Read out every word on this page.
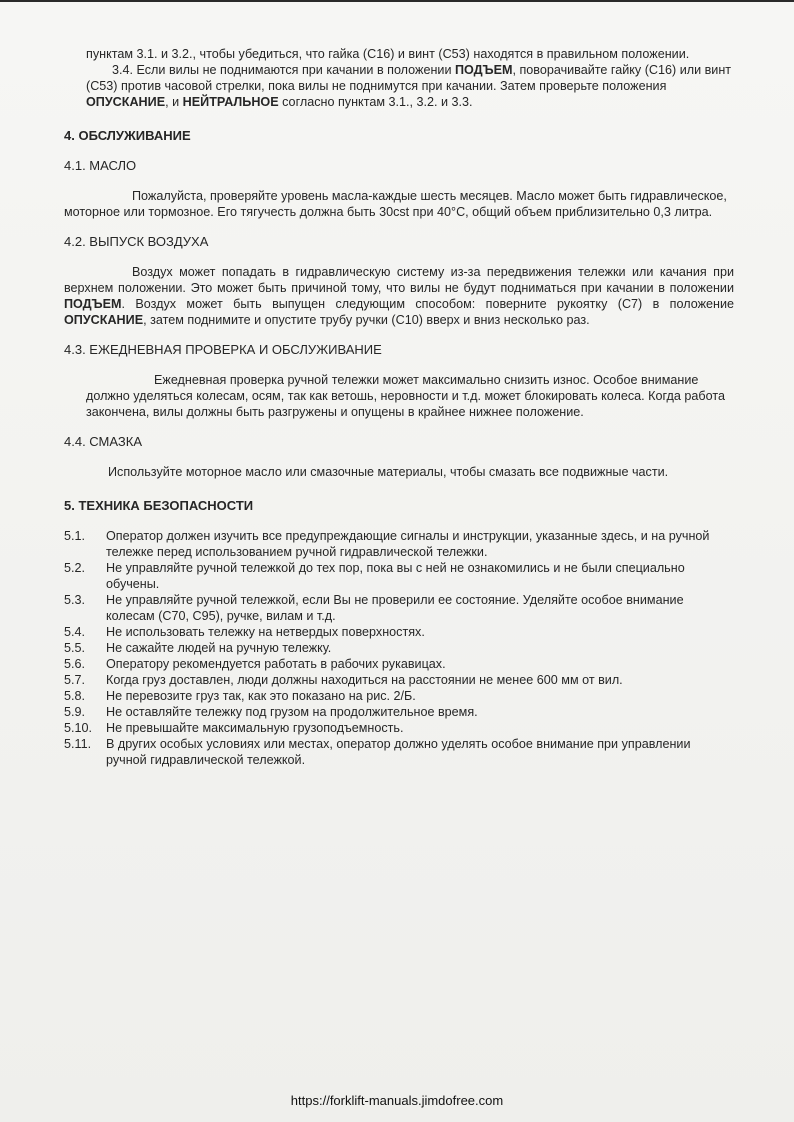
пунктам 3.1. и 3.2., чтобы убедиться, что гайка (С16) и винт (С53) находятся в правильном положении.

3.4. Если вилы не поднимаются при качании в положении ПОДЪЕМ, поворачивайте гайку (С16) или винт (С53) против часовой стрелки, пока вилы не поднимутся при качании. Затем проверьте положения ОПУСКАНИЕ, и НЕЙТРАЛЬНОЕ согласно пунктам 3.1., 3.2. и 3.3.

4. ОБСЛУЖИВАНИЕ
4.1. МАСЛО

Пожалуйста, проверяйте уровень масла-каждые шесть месяцев. Масло может быть гидравлическое, моторное или тормозное. Его тягучесть должна быть 30cst при 40°С, общий объем приблизительно 0,3 литра.

4.2. ВЫПУСК ВОЗДУХА

Воздух может попадать в гидравлическую систему из-за передвижения тележки или качания при верхнем положении. Это может быть причиной тому, что вилы не будут подниматься при качании в положении ПОДЪЕМ. Воздух может быть выпущен следующим способом: поверните рукоятку (С7) в положение ОПУСКАНИЕ, затем поднимите и опустите трубу ручки (С10) вверх и вниз несколько раз.

4.3. ЕЖЕДНЕВНАЯ ПРОВЕРКА И ОБСЛУЖИВАНИЕ

Ежедневная проверка ручной тележки может максимально снизить износ. Особое внимание должно уделяться колесам, осям, так как ветошь, неровности и т.д. может блокировать колеса. Когда работа закончена, вилы должны быть разгружены и опущены в крайнее нижнее положение.

4.4. СМАЗКА

Используйте моторное масло или смазочные материалы, чтобы смазать все подвижные части.

5. ТЕХНИКА БЕЗОПАСНОСТИ
5.1.	Оператор должен изучить все предупреждающие сигналы и инструкции, указанные здесь, и на ручной тележке перед использованием ручной гидравлической тележки.
5.2.	Не управляйте ручной тележкой до тех пор, пока вы с ней не ознакомились и не были специально обучены.
5.3.	Не управляйте ручной тележкой, если Вы не проверили ее состояние. Уделяйте особое внимание колесам (С70, С95), ручке, вилам и т.д.
5.4.	Не использовать тележку на нетвердых поверхностях.
5.5.	Не сажайте людей на ручную тележку.
5.6.	Оператору рекомендуется работать в рабочих рукавицах.
5.7.	Когда груз доставлен, люди должны находиться на расстоянии не менее 600 мм от вил.
5.8.	Не перевозите груз так, как это показано на рис. 2/Б.
5.9.	Не оставляйте тележку под грузом на продолжительное время.
5.10.	Не превышайте максимальную грузоподъемность.
5.11.	В других особых условиях или местах, оператор должно уделять особое внимание при управлении ручной гидравлической тележкой.
https://forklift-manuals.jimdofree.com
